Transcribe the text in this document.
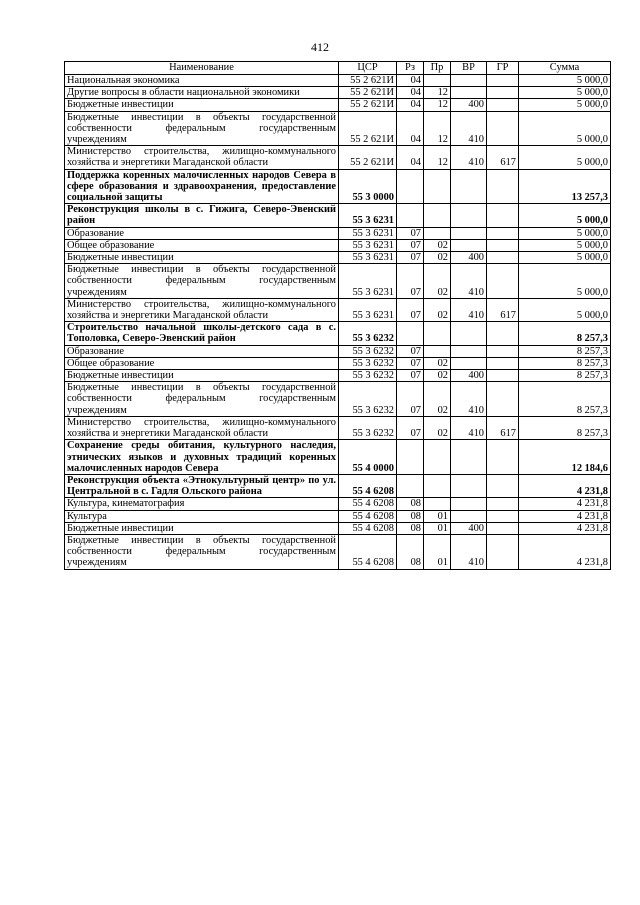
412
Наименование	ЦСР	Рз	Пр	ВР	ГР	Сумма
Национальная экономика	55 2 621И	04				5 000,0
Другие вопросы в области национальной экономики	55 2 621И	04	12			5 000,0
Бюджетные инвестиции	55 2 621И	04	12	400		5 000,0
Бюджетные инвестиции в объекты государственной собственности федеральным государственным учреждениям	55 2 621И	04	12	410		5 000,0
Министерство строительства, жилищно-коммунального хозяйства и энергетики Магаданской области	55 2 621И	04	12	410	617	5 000,0
Поддержка коренных малочисленных народов Севера в сфере образования и здравоохранения, предоставление социальной защиты	55 3 0000					13 257,3
Реконструкция школы в с. Гижига, Северо-Эвенский район	55 3 6231					5 000,0
Образование	55 3 6231	07				5 000,0
Общее образование	55 3 6231	07	02			5 000,0
Бюджетные инвестиции	55 3 6231	07	02	400		5 000,0
Бюджетные инвестиции в объекты государственной собственности федеральным государственным учреждениям	55 3 6231	07	02	410		5 000,0
Министерство строительства, жилищно-коммунального хозяйства и энергетики Магаданской области	55 3 6231	07	02	410	617	5 000,0
Строительство начальной школы-детского сада в с. Тополовка, Северо-Эвенский район	55 3 6232					8 257,3
Образование	55 3 6232	07				8 257,3
Общее образование	55 3 6232	07	02			8 257,3
Бюджетные инвестиции	55 3 6232	07	02	400		8 257,3
Бюджетные инвестиции в объекты государственной собственности федеральным государственным учреждениям	55 3 6232	07	02	410		8 257,3
Министерство строительства, жилищно-коммунального хозяйства и энергетики Магаданской области	55 3 6232	07	02	410	617	8 257,3
Сохранение среды обитания, культурного наследия, этнических языков и духовных традиций коренных малочисленных народов Севера	55 4 0000					12 184,6
Реконструкция объекта «Этнокультурный центр» по ул. Центральной в с. Гадля Ольского района	55 4 6208					4 231,8
Культура, кинематография	55 4 6208	08				4 231,8
Культура	55 4 6208	08	01			4 231,8
Бюджетные инвестиции	55 4 6208	08	01	400		4 231,8
Бюджетные инвестиции в объекты государственной собственности федеральным государственным учреждениям	55 4 6208	08	01	410		4 231,8
